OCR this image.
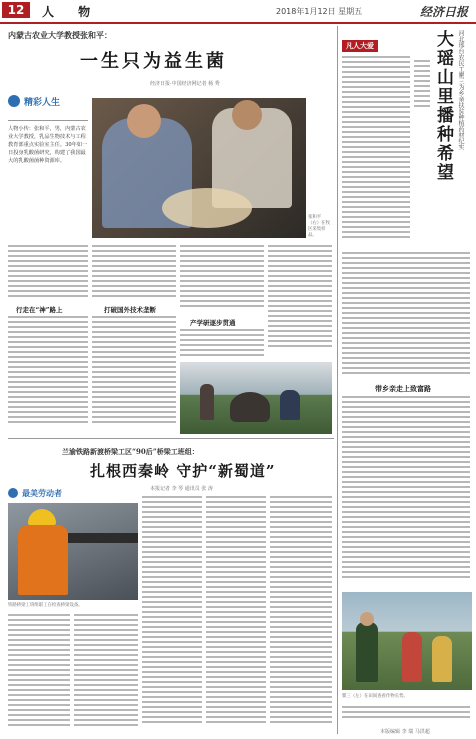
12	人 物	2018年1月12日 星期五	经济日报
内蒙古农业大学教授张和平：
一生只为益生菌
经济日报·中国经济网记者 杨 秀
精彩人生
人物小传：张和平，男，内蒙古农业大学教授，乳品生物技术与工程教育部重点实验室主任。30年如一日投身乳酸菌研究，构建了我国最大的乳酸菌菌种资源库。
张和平（右）在牧区采集样品。
行走在“神”路上	打破国外技术垄断
产学研逐步贯通
兰渝铁路新渡桥梁工区“90后”桥梁工班组：
扎根西秦岭 守护“新蜀道”
本报记者 李 琴 通讯员 张 涛
最美劳动者
铁路桥梁工班组职工在检查桥梁设备。
凡人大爱	大瑶山里播种希望 河北邢台农民工瞿三为乡亲扶贫种植药材纪实
带乡亲走上致富路
瞿三（左）在田间查看作物长势。
本版编辑 李 瑞 马洪超
